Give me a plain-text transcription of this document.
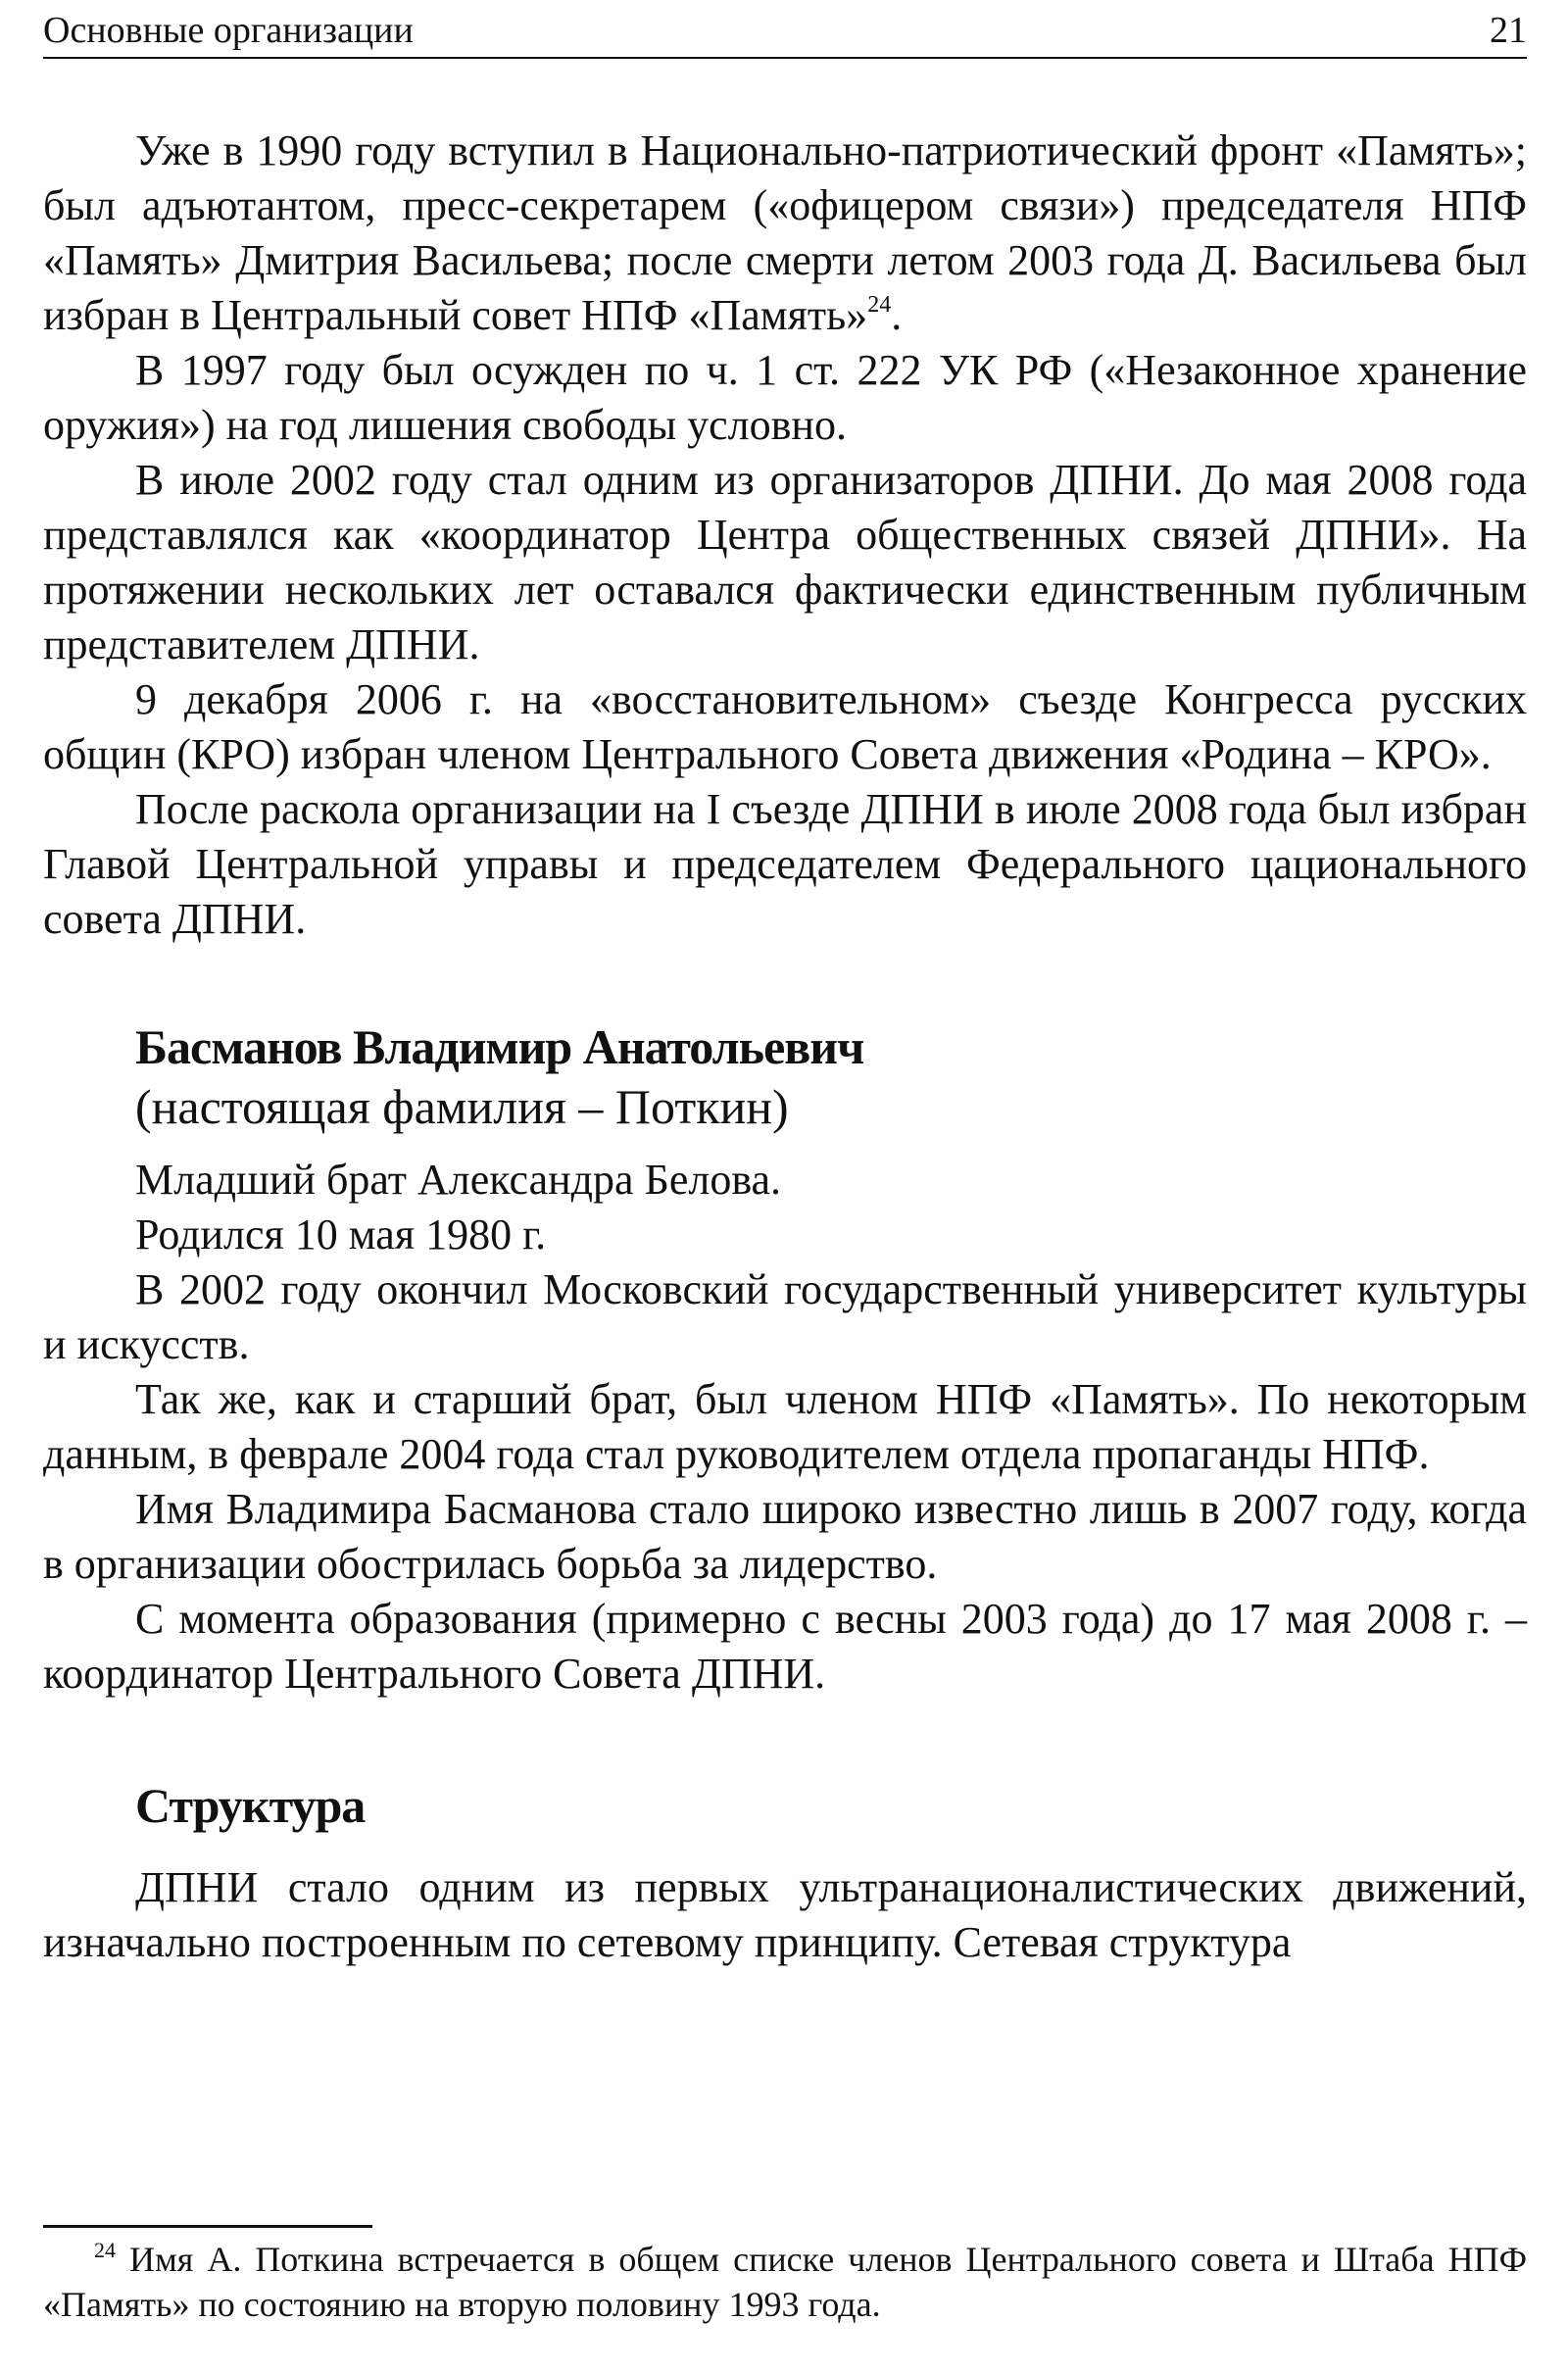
Основные организации	21

Уже в 1990 году вступил в Национально-патриотический фронт «Память»; был адъютантом, пресс-секретарем («офицером связи») председателя НПФ «Память» Дмитрия Васильева; после смерти летом 2003 года Д. Васильева был избран в Центральный совет НПФ «Память»$^{24}$.

В 1997 году был осужден по ч. 1 ст. 222 УК РФ («Незаконное хранение оружия») на год лишения свободы условно.

В июле 2002 году стал одним из организаторов ДПНИ. До мая 2008 года представлялся как «координатор Центра общественных связей ДПНИ». На протяжении нескольких лет оставался фактически единственным публичным представителем ДПНИ.

9 декабря 2006 г. на «восстановительном» съезде Конгресса русских общин (КРО) избран членом Центрального Совета движения «Родина – КРО».

После раскола организации на I съезде ДПНИ в июле 2008 года был избран Главой Центральной управы и председателем Федерального цационального совета ДПНИ.

Басманов Владимир Анатольевич
(настоящая фамилия – Поткин)

Младший брат Александра Белова.

Родился 10 мая 1980 г.

В 2002 году окончил Московский государственный университет культуры и искусств.

Так же, как и старший брат, был членом НПФ «Память». По некоторым данным, в феврале 2004 года стал руководителем отдела пропаганды НПФ.

Имя Владимира Басманова стало широко известно лишь в 2007 году, когда в организации обострилась борьба за лидерство.

С момента образования (примерно с весны 2003 года) до 17 мая 2008 г. – координатор Центрального Совета ДПНИ.

Структура

ДПНИ стало одним из первых ультранационалистических движений, изначально построенным по сетевому принципу. Сетевая структура

$^{24}$ Имя А. Поткина встречается в общем списке членов Центрального совета и Штаба НПФ «Память» по состоянию на вторую половину 1993 года.
